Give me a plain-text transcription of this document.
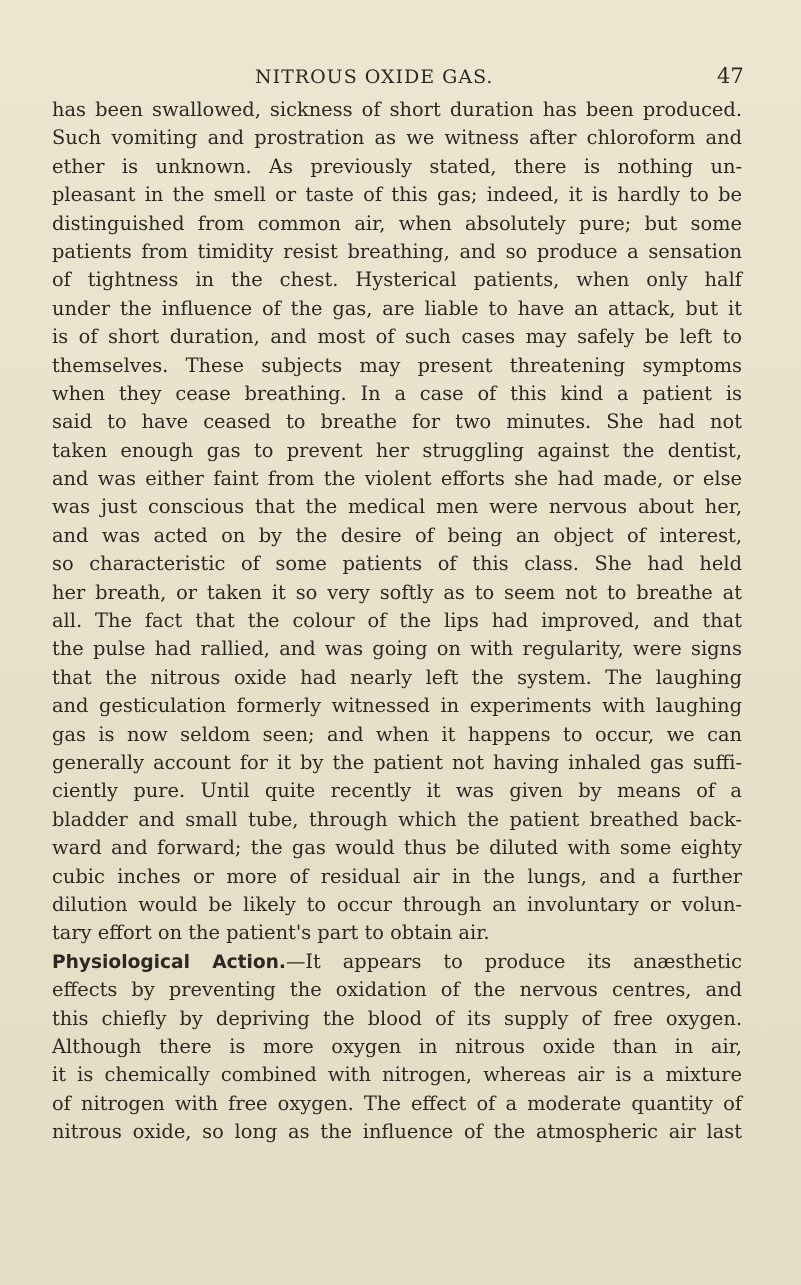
NITROUS OXIDE GAS.	47
has been swallowed, sickness of short duration has been produced.
Such vomiting and prostration as we witness after chloroform and
ether is unknown. As previously stated, there is nothing un-
pleasant in the smell or taste of this gas; indeed, it is hardly to be
distinguished from common air, when absolutely pure; but some
patients from timidity resist breathing, and so produce a sensation
of tightness in the chest. Hysterical patients, when only half
under the influence of the gas, are liable to have an attack, but it
is of short duration, and most of such cases may safely be left to
themselves. These subjects may present threatening symptoms
when they cease breathing. In a case of this kind a patient is
said to have ceased to breathe for two minutes. She had not
taken enough gas to prevent her struggling against the dentist,
and was either faint from the violent efforts she had made, or else
was just conscious that the medical men were nervous about her,
and was acted on by the desire of being an object of interest,
so characteristic of some patients of this class. She had held
her breath, or taken it so very softly as to seem not to breathe at
all. The fact that the colour of the lips had improved, and that
the pulse had rallied, and was going on with regularity, were signs
that the nitrous oxide had nearly left the system. The laughing
and gesticulation formerly witnessed in experiments with laughing
gas is now seldom seen; and when it happens to occur, we can
generally account for it by the patient not having inhaled gas suffi-
ciently pure. Until quite recently it was given by means of a
bladder and small tube, through which the patient breathed back-
ward and forward; the gas would thus be diluted with some eighty
cubic inches or more of residual air in the lungs, and a further
dilution would be likely to occur through an involuntary or volun-
tary effort on the patient's part to obtain air.
Physiological Action.—It appears to produce its anæsthetic
effects by preventing the oxidation of the nervous centres, and
this chiefly by depriving the blood of its supply of free oxygen.
Although there is more oxygen in nitrous oxide than in air,
it is chemically combined with nitrogen, whereas air is a mixture
of nitrogen with free oxygen. The effect of a moderate quantity of
nitrous oxide, so long as the influence of the atmospheric air last
